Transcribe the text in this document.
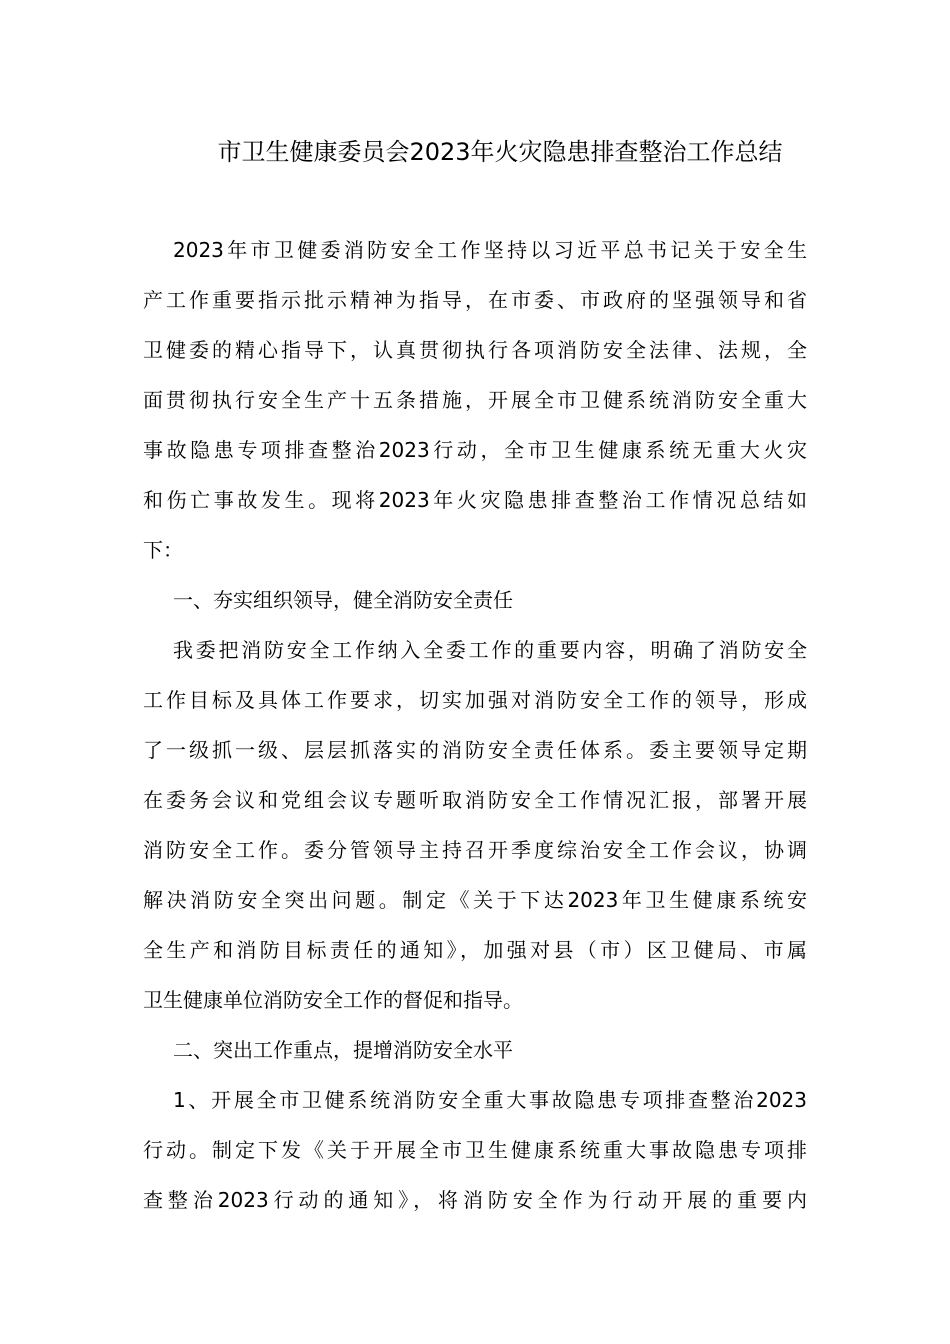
市卫生健康委员会2023年火灾隐患排查整治工作总结
2023年市卫健委消防安全工作坚持以习近平总书记关于安全生
产工作重要指示批示精神为指导，在市委、市政府的坚强领导和省
卫健委的精心指导下，认真贯彻执行各项消防安全法律、法规，全
面贯彻执行安全生产十五条措施，开展全市卫健系统消防安全重大
事故隐患专项排查整治2023行动，全市卫生健康系统无重大火灾
和伤亡事故发生。现将2023年火灾隐患排查整治工作情况总结如
下：
一、夯实组织领导，健全消防安全责任
我委把消防安全工作纳入全委工作的重要内容，明确了消防安全
工作目标及具体工作要求，切实加强对消防安全工作的领导，形成
了一级抓一级、层层抓落实的消防安全责任体系。委主要领导定期
在委务会议和党组会议专题听取消防安全工作情况汇报，部署开展
消防安全工作。委分管领导主持召开季度综治安全工作会议，协调
解决消防安全突出问题。制定《关于下达2023年卫生健康系统安
全生产和消防目标责任的通知》，加强对县（市）区卫健局、市属
卫生健康单位消防安全工作的督促和指导。
二、突出工作重点，提增消防安全水平
1、开展全市卫健系统消防安全重大事故隐患专项排查整治2023
行动。制定下发《关于开展全市卫生健康系统重大事故隐患专项排
查整治2023行动的通知》，将消防安全作为行动开展的重要内
